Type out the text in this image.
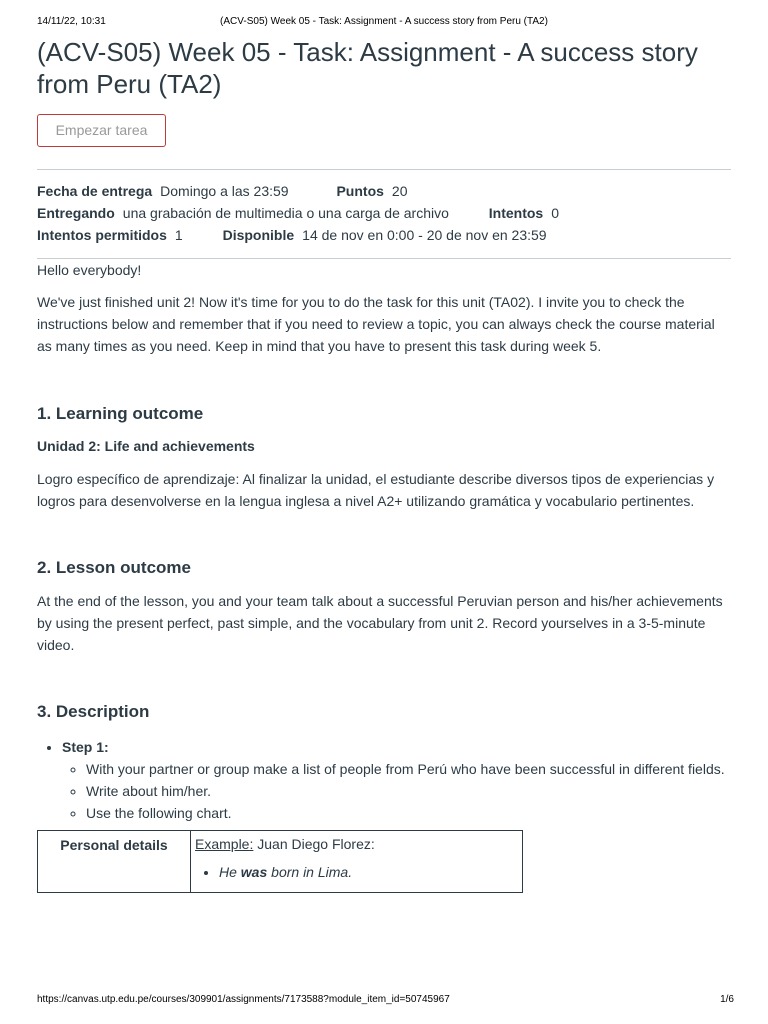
14/11/22, 10:31	(ACV-S05) Week 05 - Task: Assignment - A success story from Peru (TA2)
(ACV-S05) Week 05 - Task: Assignment - A success story from Peru (TA2)
Empezar tarea
Fecha de entrega Domingo a las 23:59	Puntos 20
Entregando una grabación de multimedia o una carga de archivo	Intentos 0
Intentos permitidos 1	Disponible 14 de nov en 0:00 - 20 de nov en 23:59

Hello everybody!

We've just finished unit 2! Now it's time for you to do the task for this unit (TA02). I invite you to check the instructions below and remember that if you need to review a topic, you can always check the course material as many times as you need. Keep in mind that you have to present this task during week 5.

1. Learning outcome
Unidad 2: Life and achievements

Logro específico de aprendizaje: Al finalizar la unidad, el estudiante describe diversos tipos de experiencias y logros para desenvolverse en la lengua inglesa a nivel A2+ utilizando gramática y vocabulario pertinentes.

2. Lesson outcome

At the end of the lesson, you and your team talk about a successful Peruvian person and his/her achievements by using the present perfect, past simple, and the vocabulary from unit 2. Record yourselves in a 3-5-minute video.

3. Description
• Step 1:
◦ With your partner or group make a list of people from Perú who have been successful in different fields.
◦ Write about him/her.
◦ Use the following chart.
Personal details	Example: Juan Diego Florez:
• He was born in Lima.
https://canvas.utp.edu.pe/courses/309901/assignments/7173588?module_item_id=50745967	1/6
